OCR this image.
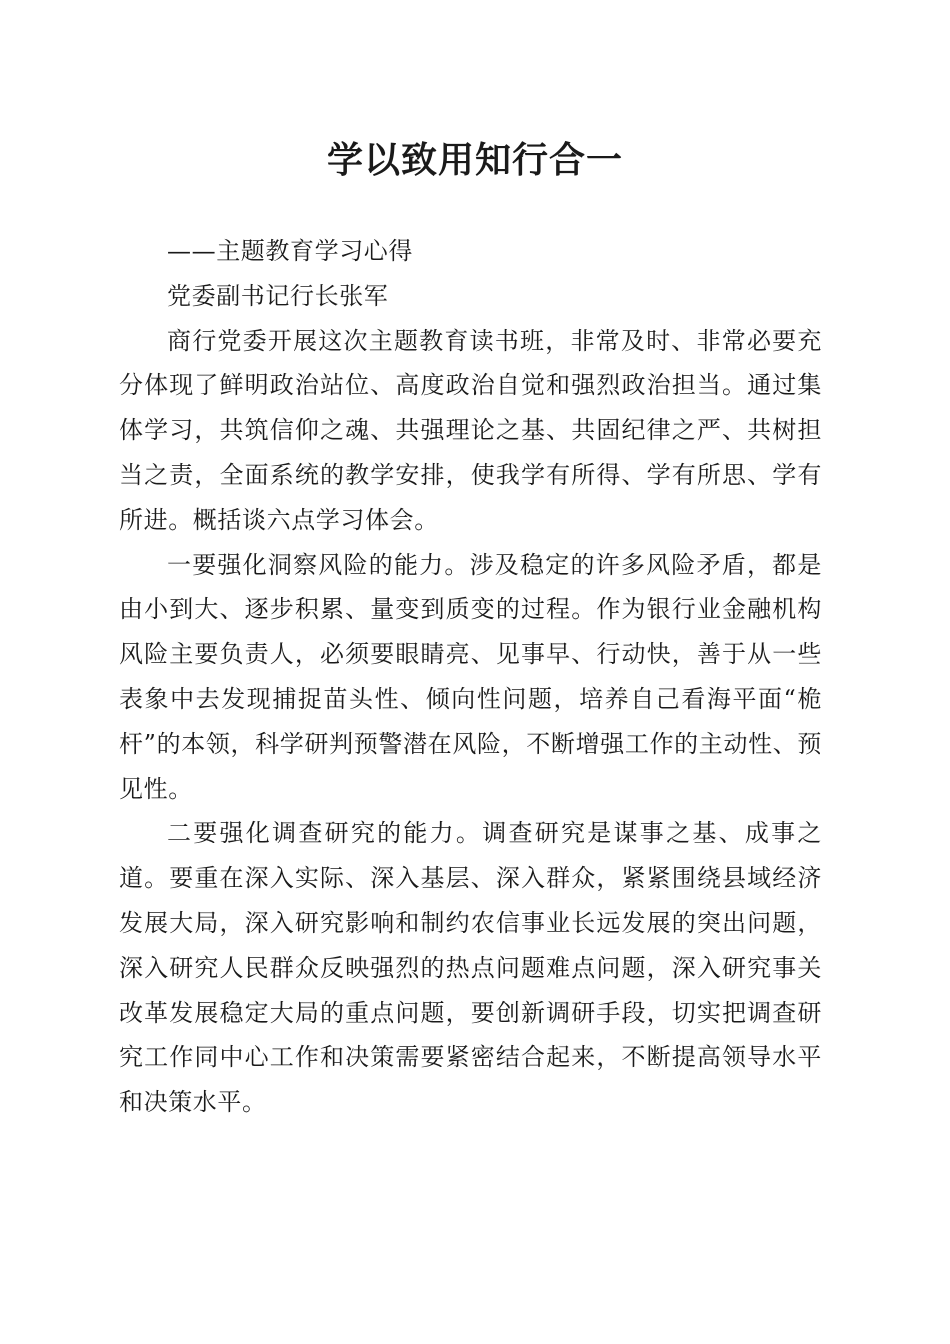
学以致用知行合一

——主题教育学习心得

党委副书记行长张军

商行党委开展这次主题教育读书班，非常及时、非常必要充分体现了鲜明政治站位、高度政治自觉和强烈政治担当。通过集体学习，共筑信仰之魂、共强理论之基、共固纪律之严、共树担当之责，全面系统的教学安排，使我学有所得、学有所思、学有所进。概括谈六点学习体会。

一要强化洞察风险的能力。涉及稳定的许多风险矛盾，都是由小到大、逐步积累、量变到质变的过程。作为银行业金融机构风险主要负责人，必须要眼睛亮、见事早、行动快，善于从一些表象中去发现捕捉苗头性、倾向性问题，培养自己看海平面“桅杆”的本领，科学研判预警潜在风险，不断增强工作的主动性、预见性。

二要强化调查研究的能力。调查研究是谋事之基、成事之道。要重在深入实际、深入基层、深入群众，紧紧围绕县域经济发展大局，深入研究影响和制约农信事业长远发展的突出问题，深入研究人民群众反映强烈的热点问题难点问题，深入研究事关改革发展稳定大局的重点问题，要创新调研手段，切实把调查研究工作同中心工作和决策需要紧密结合起来，不断提高领导水平和决策水平。
